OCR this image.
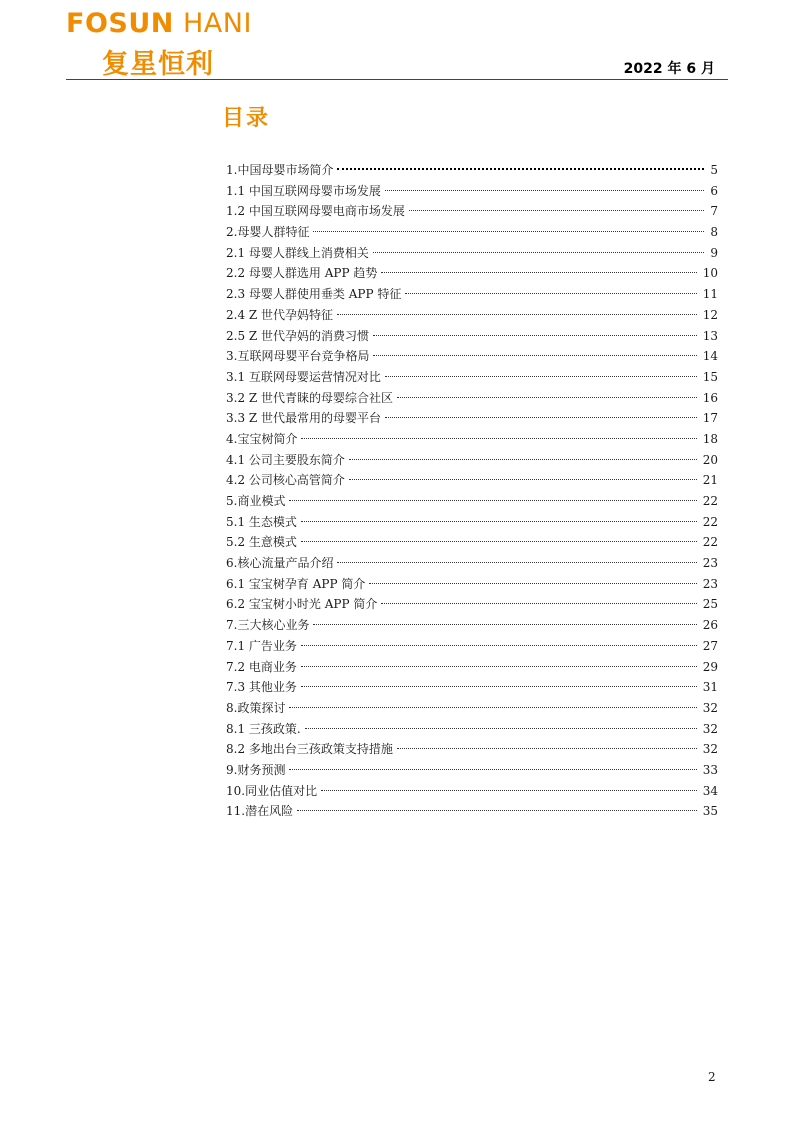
FOSUN HANI
复星恒利	2022 年 6 月
目录
1.中国母婴市场简介	5
1.1 中国互联网母婴市场发展	6
1.2 中国互联网母婴电商市场发展	7
2.母婴人群特征	8
2.1 母婴人群线上消费相关	9
2.2 母婴人群选用 APP 趋势	10
2.3 母婴人群使用垂类 APP 特征	11
2.4 Z 世代孕妈特征	12
2.5 Z 世代孕妈的消费习惯	13
3.互联网母婴平台竞争格局	14
3.1 互联网母婴运营情况对比	15
3.2 Z 世代青睐的母婴综合社区	16
3.3 Z 世代最常用的母婴平台	17
4.宝宝树简介	18
4.1 公司主要股东简介	20
4.2 公司核心高管简介	21
5.商业模式	22
5.1 生态模式	22
5.2 生意模式	22
6.核心流量产品介绍	23
6.1 宝宝树孕育 APP 简介	23
6.2 宝宝树小时光 APP 简介	25
7.三大核心业务	26
7.1 广告业务	27
7.2 电商业务	29
7.3 其他业务	31
8.政策探讨	32
8.1 三孩政策.	32
8.2 多地出台三孩政策支持措施	32
9.财务预测	33
10.同业估值对比	34
11.潜在风险	35
2
